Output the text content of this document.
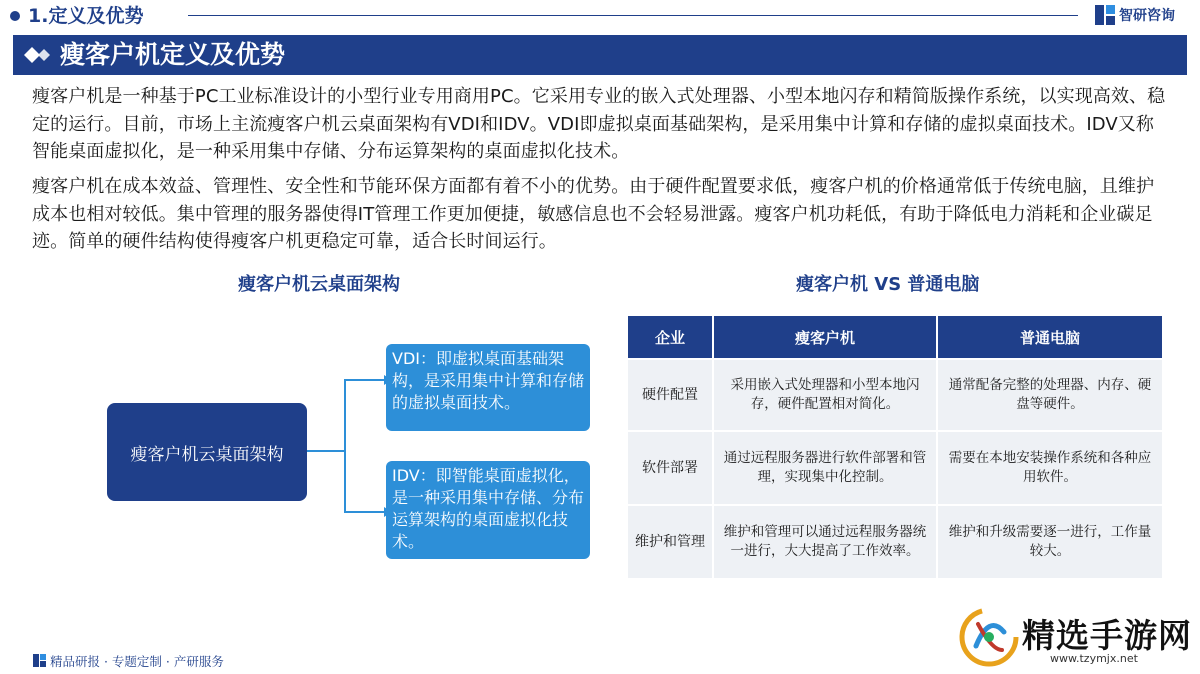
1.定义及优势	智研咨询
瘦客户机定义及优势
瘦客户机是一种基于PC工业标准设计的小型行业专用商用PC。它采用专业的嵌入式处理器、小型本地闪存和精简版操作系统，以实现高效、稳定的运行。目前，市场上主流瘦客户机云桌面架构有VDI和IDV。VDI即虚拟桌面基础架构，是采用集中计算和存储的虚拟桌面技术。IDV又称智能桌面虚拟化，是一种采用集中存储、分布运算架构的桌面虚拟化技术。
瘦客户机在成本效益、管理性、安全性和节能环保方面都有着不小的优势。由于硬件配置要求低，瘦客户机的价格通常低于传统电脑，且维护成本也相对较低。集中管理的服务器使得IT管理工作更加便捷，敏感信息也不会轻易泄露。瘦客户机功耗低，有助于降低电力消耗和企业碳足迹。简单的硬件结构使得瘦客户机更稳定可靠，适合长时间运行。
瘦客户机云桌面架构
瘦客户机云桌面架构
VDI：即虚拟桌面基础架构，是采用集中计算和存储的虚拟桌面技术。
IDV：即智能桌面虚拟化，是一种采用集中存储、分布运算架构的桌面虚拟化技术。
瘦客户机 VS 普通电脑
企业	瘦客户机	普通电脑
硬件配置	采用嵌入式处理器和小型本地闪存，硬件配置相对简化。	通常配备完整的处理器、内存、硬盘等硬件。
软件部署	通过远程服务器进行软件部署和管理，实现集中化控制。	需要在本地安装操作系统和各种应用软件。
维护和管理	维护和管理可以通过远程服务器统一进行，大大提高了工作效率。	维护和升级需要逐一进行，工作量较大。
精品研报 · 专题定制 · 产研服务
精选手游网
www.tzymjx.net
